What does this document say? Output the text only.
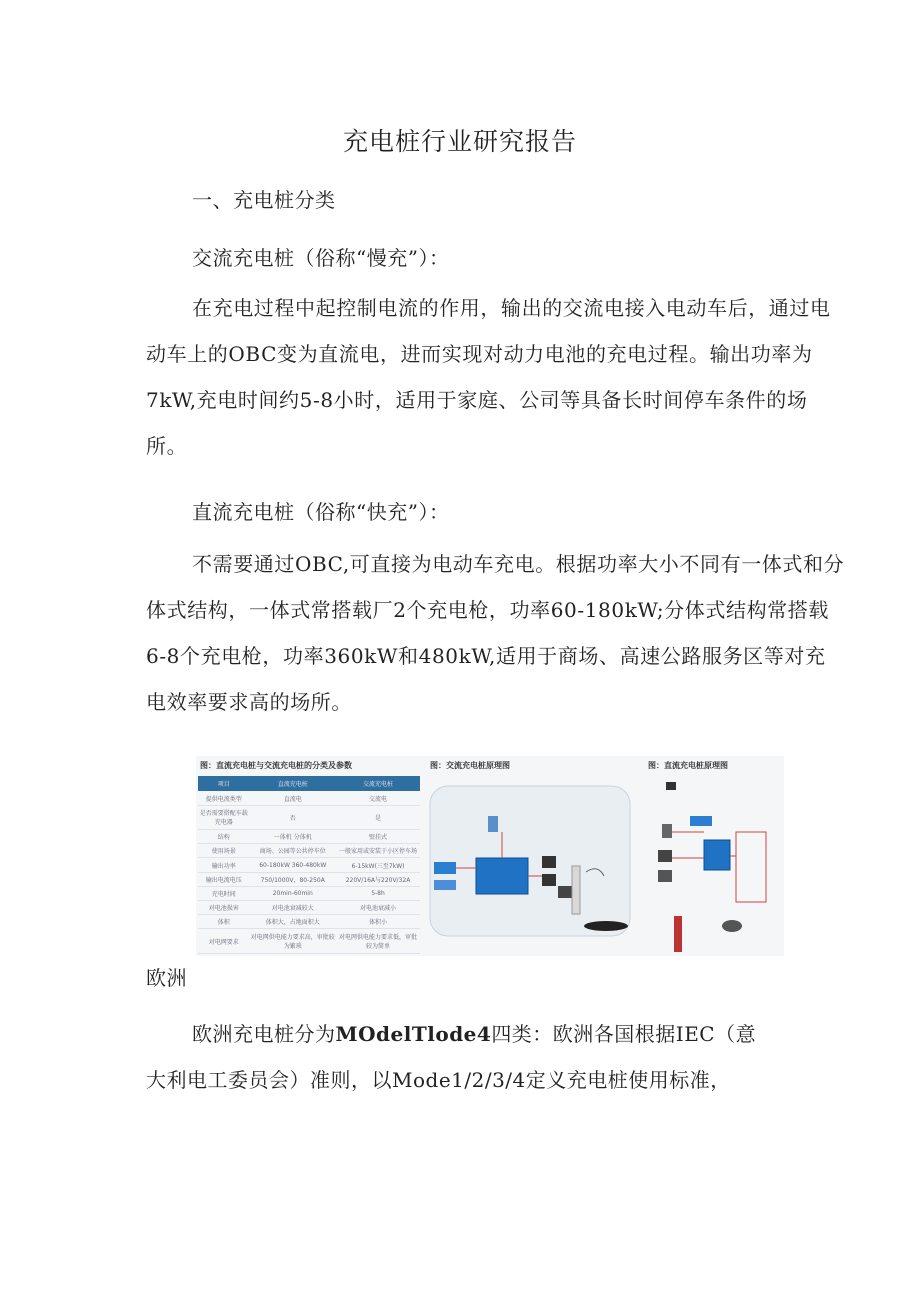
充电桩行业研究报告
一、充电桩分类
交流充电桩（俗称“慢充”）：
在充电过程中起控制电流的作用，输出的交流电接入电动车后，通过电动车上的OBC变为直流电，进而实现对动力电池的充电过程。输出功率为7kW,充电时间约5-8小时，适用于家庭、公司等具备长时间停车条件的场所。
直流充电桩（俗称“快充”）：
不需要通过OBC,可直接为电动车充电。根据功率大小不同有一体式和分体式结构，一体式常搭载厂2个充电枪，功率60-180kW;分体式结构常搭载6-8个充电枪，功率360kW和480kW,适用于商场、高速公路服务区等对充电效率要求高的场所。
图：直流充电桩与交流充电桩的分类及参数	图：交流充电桩原理图	图：直流充电桩原理图
项目	直流充电桩	交流充电桩
提供电流类型	直流电	交流电
是否需要搭配车载充电器	否	是
结构	一体机 分体机	壁挂式
使用场景	商场、公园等公共停车位	一般家用或安装于小区停车场
输出功率	60-180kW 360-480kW	6-15kW(三至7kW)
输出电流电压	750/1000V，80-250A	220V/16A与220V/32A
充电时间	20min-60min	5-8h
对电池损害	对电池衰减较大	对电池衰减小
体积	体积大，占地面积大	体积小
对电网要求	对电网供电能力要求高，审批较为繁琐	对电网供电能力要求低，审批较为简单
欧洲
欧洲充电桩分为MOdelTlode4四类：欧洲各国根据IEC（意
大利电工委员会）准则，以Mode1/2/3/4定义充电桩使用标准，
